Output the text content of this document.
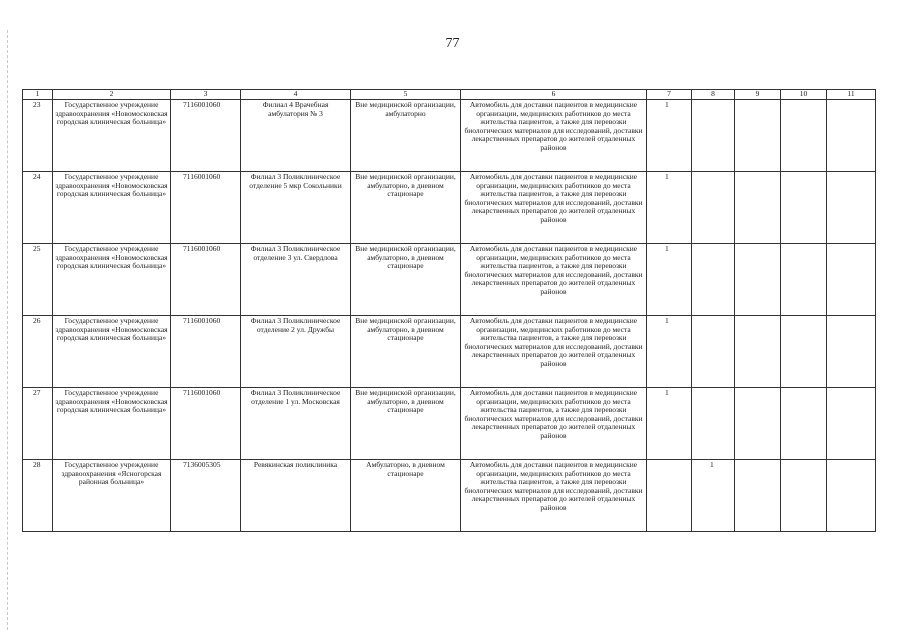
77
1	2	3	4	5	6	7	8	9	10	11
23	Государственное учреждение здравоохранения «Новомосковская городская клиническая больница»	7116001060	Филиал 4 Врачебная амбулатория № 3	Вне медицинской организации, амбулаторно	Автомобиль для доставки пациентов в медицинские организации, медицинских работников до места жительства пациентов, а также для перевозки биологических материалов для исследований, доставки лекарственных препаратов до жителей отдаленных районов	1				
24	Государственное учреждение здравоохранения «Новомосковская городская клиническая больница»	7116001060	Филиал 3 Поликлиническое отделение 5 мкр Сокольники	Вне медицинской организации, амбулаторно, в дневном стационаре	Автомобиль для доставки пациентов в медицинские организации, медицинских работников до места жительства пациентов, а также для перевозки биологических материалов для исследований, доставки лекарственных препаратов до жителей отдаленных районов	1				
25	Государственное учреждение здравоохранения «Новомосковская городская клиническая больница»	7116001060	Филиал 3 Поликлиническое отделение 3 ул. Свердлова	Вне медицинской организации, амбулаторно, в дневном стационаре	Автомобиль для доставки пациентов в медицинские организации, медицинских работников до места жительства пациентов, а также для перевозки биологических материалов для исследований, доставки лекарственных препаратов до жителей отдаленных районов	1				
26	Государственное учреждение здравоохранения «Новомосковская городская клиническая больница»	7116001060	Филиал 3 Поликлиническое отделение 2 ул. Дружбы	Вне медицинской организации, амбулаторно, в дневном стационаре	Автомобиль для доставки пациентов в медицинские организации, медицинских работников до места жительства пациентов, а также для перевозки биологических материалов для исследований, доставки лекарственных препаратов до жителей отдаленных районов	1				
27	Государственное учреждение здравоохранения «Новомосковская городская клиническая больница»	7116001060	Филиал 3 Поликлиническое отделение 1 ул. Московская	Вне медицинской организации, амбулаторно, в дневном стационаре	Автомобиль для доставки пациентов в медицинские организации, медицинских работников до места жительства пациентов, а также для перевозки биологических материалов для исследований, доставки лекарственных препаратов до жителей отдаленных районов	1				
28	Государственное учреждение здравоохранения «Ясногорская районная больница»	7136005305	Ревякинская поликлиника	Амбулаторно, в дневном стационаре	Автомобиль для доставки пациентов в медицинские организации, медицинских работников до места жительства пациентов, а также для перевозки биологических материалов для исследований, доставки лекарственных препаратов до жителей отдаленных районов		1			
